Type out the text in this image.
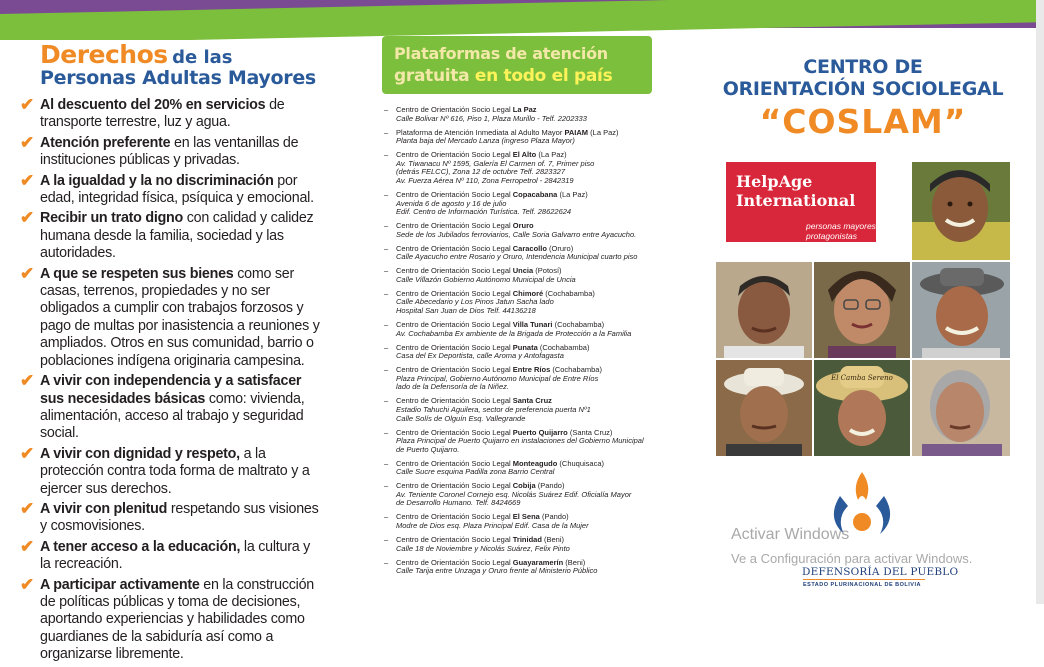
Derechos de las
Personas Adultas Mayores
✔ Al descuento del 20% en servicios de transporte terrestre, luz y agua.
✔ Atención preferente en las ventanillas de instituciones públicas y privadas.
✔ A la igualdad y la no discriminación por edad, integridad física, psíquica y emocional.
✔ Recibir un trato digno con calidad y calidez humana desde la familia, sociedad y las autoridades.
✔ A que se respeten sus bienes como ser casas, terrenos, propiedades y no ser obligados a cumplir con trabajos forzosos y pago de multas por inasistencia a reuniones y ampliados. Otros en sus comunidad, barrio o poblaciones indígena originaria campesina.
✔ A vivir con independencia y a satisfacer sus necesidades básicas como: vivienda, alimentación, acceso al trabajo y seguridad social.
✔ A vivir con dignidad y respeto, a la protección contra toda forma de maltrato y a ejercer sus derechos.
✔ A vivir con plenitud respetando sus visiones y cosmovisiones.
✔ A tener acceso a la educación, la cultura y la recreación.
✔ A participar activamente en la construcción de políticas públicas y toma de decisiones, aportando experiencias y habilidades como guardianes de la sabiduría así como a organizarse libremente.
Plataformas de atención
gratuita en todo el país
– Centro de Orientación Socio Legal La Paz
Calle Bolivar Nº 616, Piso 1, Plaza Murillo - Telf. 2202333
– Plataforma de Atención Inmediata al Adulto Mayor PAIAM (La Paz)
Planta baja del Mercado Lanza (ingreso Plaza Mayor)
– Centro de Orientación Socio Legal El Alto (La Paz)
Av. Tiwanacu Nº 1595, Galería El Carmen of. 7, Primer piso
(detrás FELCC), Zona 12 de octubre Telf. 2823327
Av. Fuerza Aérea Nº 110, Zona Ferropetrol - 2842319
– Centro de Orientación Socio Legal Copacabana (La Paz)
Avenida 6 de agosto y 16 de julio
Edif. Centro de Información Turística. Telf. 28622624
– Centro de Orientación Socio Legal Oruro
Sede de los Jubilados ferroviarios, Calle Soria Galvarro entre Ayacucho.
– Centro de Orientación Socio Legal Caracollo (Oruro)
Calle Ayacucho entre Rosario y Oruro, Intendencia Municipal cuarto piso
– Centro de Orientación Socio Legal Uncia (Potosí)
Calle Villazón Gobierno Autónomo Municipal de Uncia
– Centro de Orientación Socio Legal Chimoré (Cochabamba)
Calle Abecedario y Los Pinos Jatun Sacha lado
Hospital San Juan de Dios Telf. 44136218
– Centro de Orientación Socio Legal Villa Tunari (Cochabamba)
Av. Cochabamba Ex ambiente de la Brigada de Protección a la Familia
– Centro de Orientación Socio Legal Punata (Cochabamba)
Casa del Ex Deportista, calle Aroma y Antofagasta
– Centro de Orientación Socio Legal Entre Ríos (Cochabamba)
Plaza Principal, Gobierno Autónomo Municipal de Entre Ríos
lado de la Defensoría de la Niñez.
– Centro de Orientación Socio Legal Santa Cruz
Estadio Tahuchi Aguilera, sector de preferencia puerta Nº1
Calle Solís de Olguín Esq. Vallegrande
– Centro de Orientación Socio Legal Puerto Quijarro (Santa Cruz)
Plaza Principal de Puerto Quijarro en instalaciones del Gobierno Municipal
de Puerto Quijarro.
– Centro de Orientación Socio Legal Monteagudo (Chuquisaca)
Calle Sucre esquina Padilla zona Barrio Central
– Centro de Orientación Socio Legal Cobija (Pando)
Av. Teniente Coronel Cornejo esq. Nicolás Suárez Edif. Oficialía Mayor
de Desarrollo Humano. Telf. 8424669
– Centro de Orientación Socio Legal El Sena (Pando)
Modre de Dios esq. Plaza Principal Edif. Casa de la Mujer
– Centro de Orientación Socio Legal Trinidad (Beni)
Calle 18 de Noviembre y Nicolás Suárez, Felix Pinto
– Centro de Orientación Socio Legal Guayaramerín (Beni)
Calle Tarija entre Unzaga y Oruro frente al Ministerio Público
CENTRO DE
ORIENTACIÓN SOCIOLEGAL
“COSLAM”
El Camba Sereno
HelpAge
International
personas mayores
protagonistas
Activar Windows
Ve a Configuración para activar Windows.
DEFENSORÍA DEL PUEBLO
ESTADO PLURINACIONAL DE BOLIVIA
